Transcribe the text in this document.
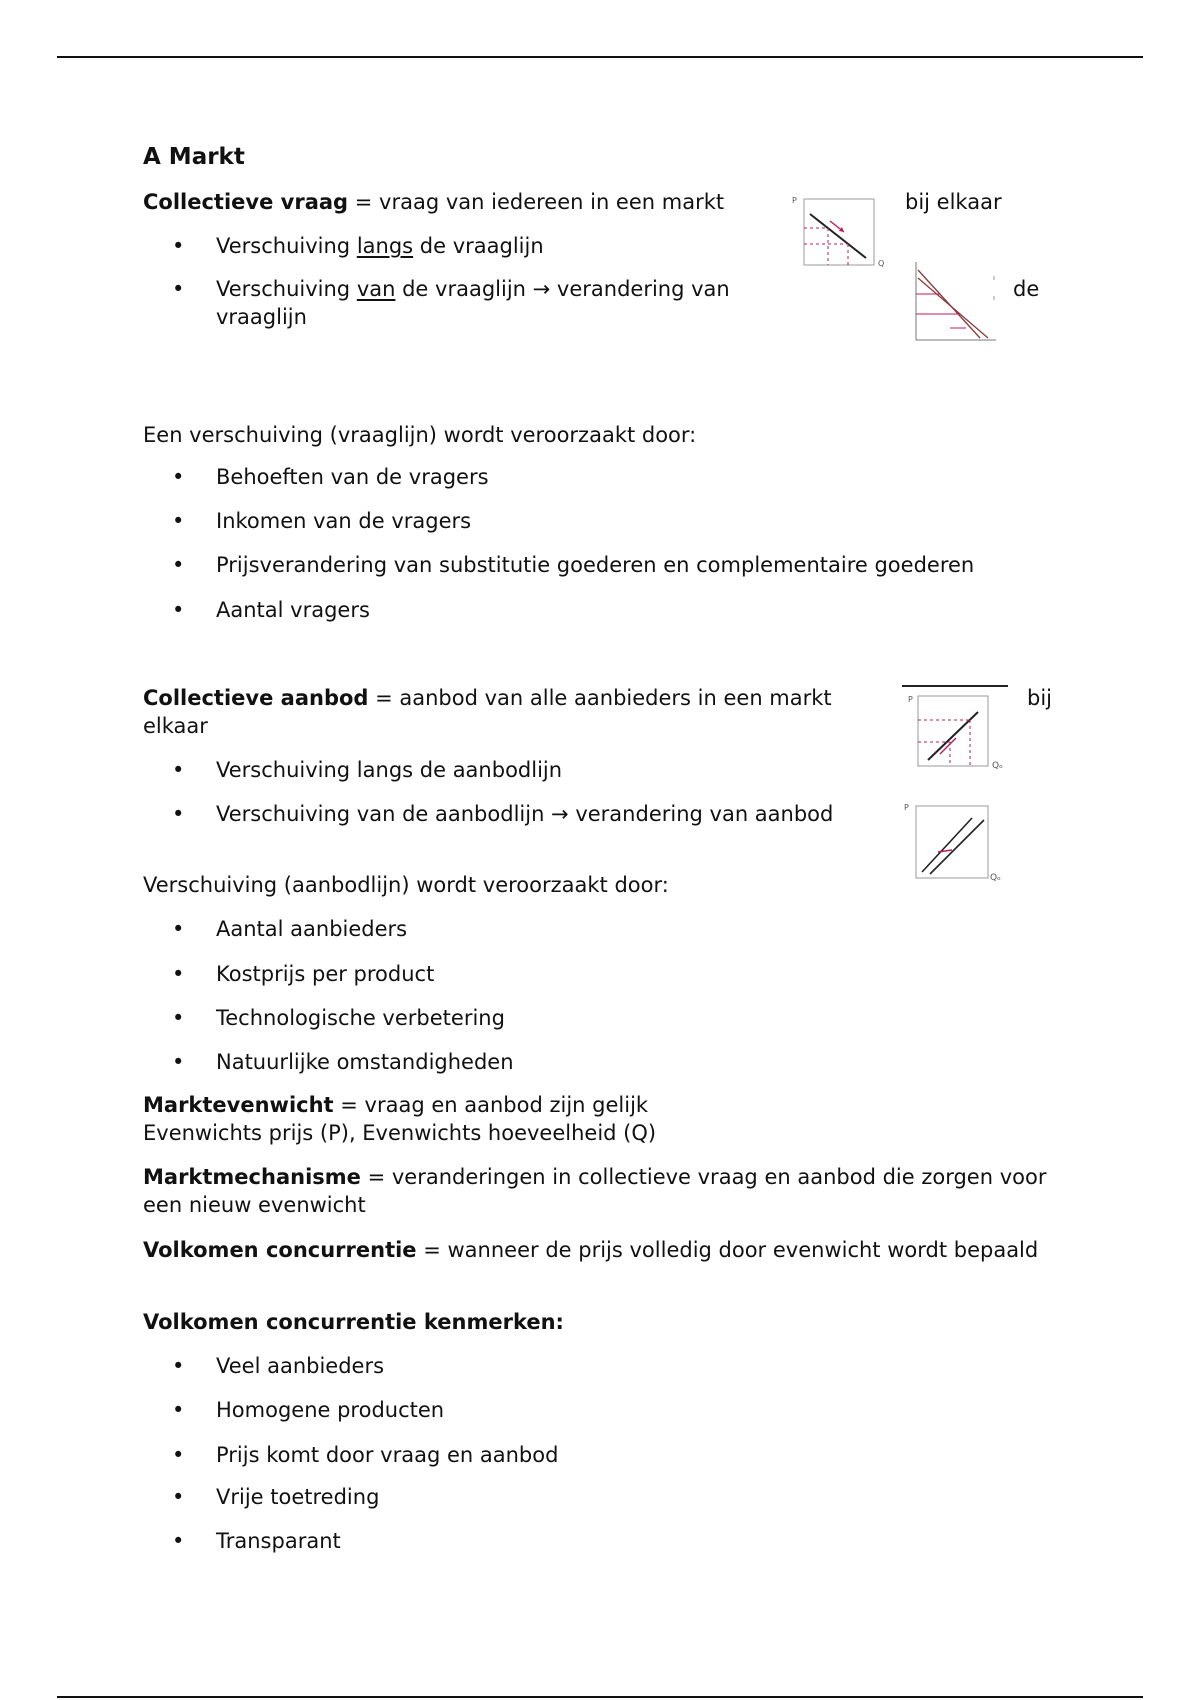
A Markt
Collectieve vraag = vraag van iedereen in een markt	bij elkaar
• Verschuiving langs de vraaglijn
• Verschuiving van de vraaglijn → verandering van
vraaglijn
de
P
Q
Een verschuiving (vraaglijn) wordt veroorzaakt door:
• Behoeften van de vragers
• Inkomen van de vragers
• Prijsverandering van substitutie goederen en complementaire goederen
• Aantal vragers
Collectieve aanbod = aanbod van alle aanbieders in een markt	bij
elkaar
• Verschuiving langs de aanbodlijn
• Verschuiving van de aanbodlijn → verandering van aanbod
P
Qₒ
P
Qₒ
Verschuiving (aanbodlijn) wordt veroorzaakt door:
• Aantal aanbieders
• Kostprijs per product
• Technologische verbetering
• Natuurlijke omstandigheden
Marktevenwicht = vraag en aanbod zijn gelijk
Evenwichts prijs (P), Evenwichts hoeveelheid (Q)
Marktmechanisme = veranderingen in collectieve vraag en aanbod die zorgen voor een nieuw evenwicht
Volkomen concurrentie = wanneer de prijs volledig door evenwicht wordt bepaald
Volkomen concurrentie kenmerken:
• Veel aanbieders
• Homogene producten
• Prijs komt door vraag en aanbod
• Vrije toetreding
• Transparant
